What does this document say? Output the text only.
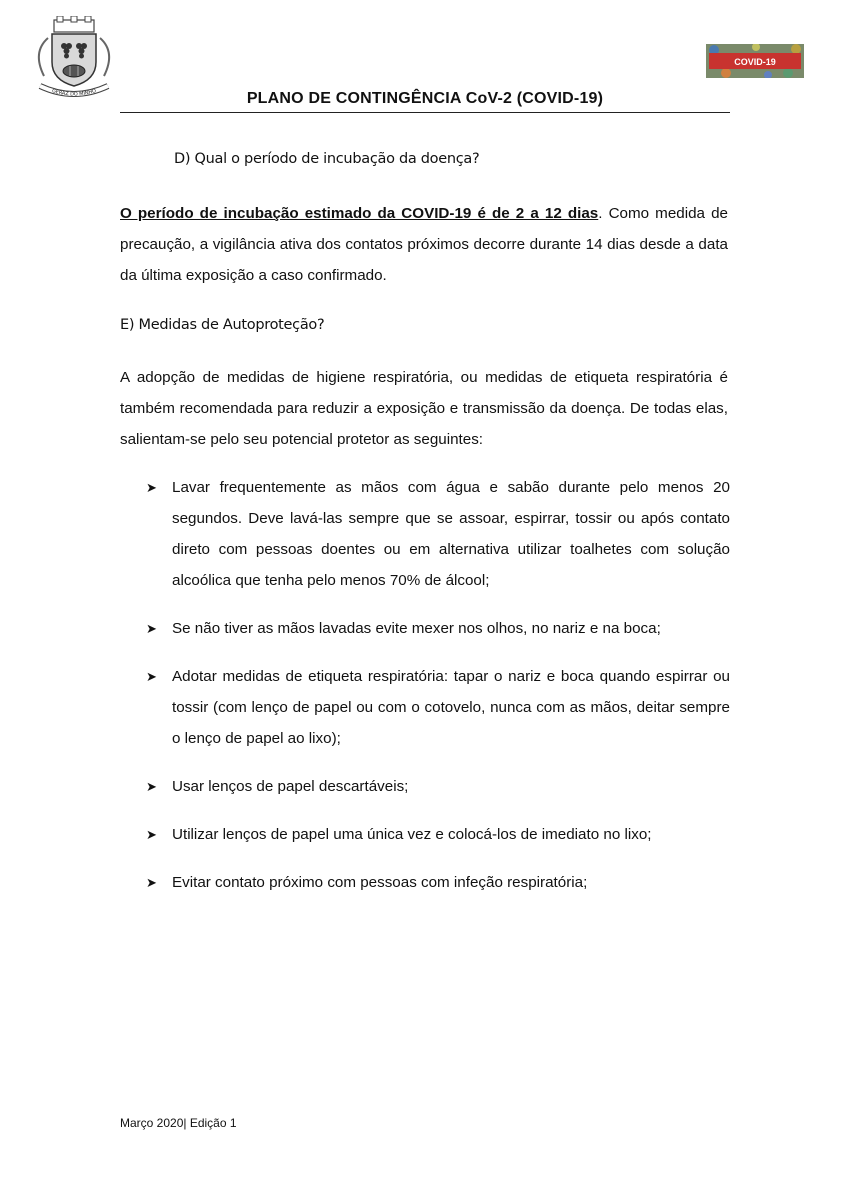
GERAZ DO MINHO
COVID-19
PLANO DE CONTINGÊNCIA CoV-2 (COVID-19)
D) Qual o período de incubação da doença?

O período de incubação estimado da COVID-19 é de 2 a 12 dias. Como medida de precaução, a vigilância ativa dos contatos próximos decorre durante 14 dias desde a data da última exposição a caso confirmado.

E) Medidas de Autoproteção?

A adopção de medidas de higiene respiratória, ou medidas de etiqueta respiratória é também recomendada para reduzir a exposição e transmissão da doença. De todas elas, salientam-se pelo seu potencial protetor as seguintes:

➤ Lavar frequentemente as mãos com água e sabão durante pelo menos 20 segundos. Deve lavá-las sempre que se assoar, espirrar, tossir ou após contato direto com pessoas doentes ou em alternativa utilizar toalhetes com solução alcoólica que tenha pelo menos 70% de álcool;
➤ Se não tiver as mãos lavadas evite mexer nos olhos, no nariz e na boca;
➤ Adotar medidas de etiqueta respiratória: tapar o nariz e boca quando espirrar ou tossir (com lenço de papel ou com o cotovelo, nunca com as mãos, deitar sempre o lenço de papel ao lixo);
➤ Usar lenços de papel descartáveis;
➤ Utilizar lenços de papel uma única vez e colocá-los de imediato no lixo;
➤ Evitar contato próximo com pessoas com infeção respiratória;
Março 2020| Edição 1
